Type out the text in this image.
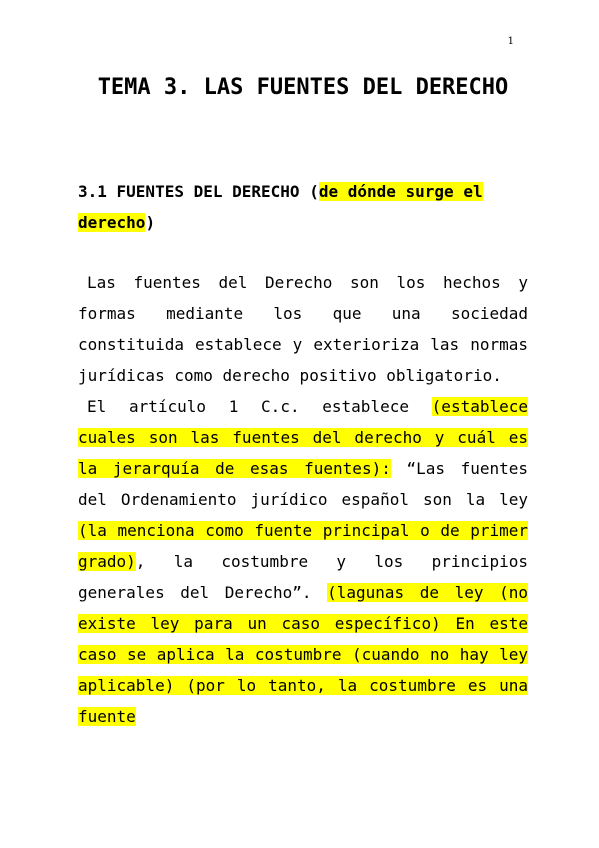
1
TEMA 3. LAS FUENTES DEL DERECHO
3.1 FUENTES DEL DERECHO (de dónde surge el derecho)

Las fuentes del Derecho son los hechos y formas mediante los que una sociedad constituida establece y exterioriza las normas jurídicas como derecho positivo obligatorio.

El artículo 1 C.c. establece (establece cuales son las fuentes del derecho y cuál es la jerarquía de esas fuentes): “Las fuentes del Ordenamiento jurídico español son la ley (la menciona como fuente principal o de primer grado), la costumbre y los principios generales del Derecho”. (lagunas de ley (no existe ley para un caso específico) En este caso se aplica la costumbre (cuando no hay ley aplicable) (por lo tanto, la costumbre es una fuente
